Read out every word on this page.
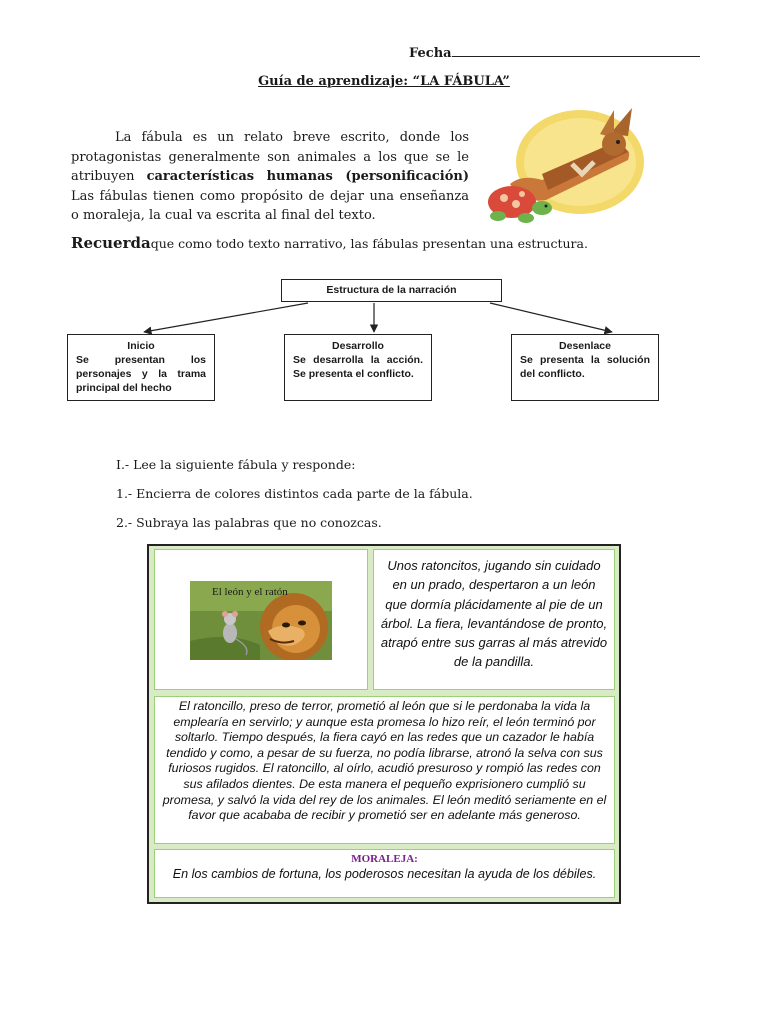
Fecha
Guía de aprendizaje: “LA FÁBULA”
La fábula es un relato breve escrito, donde los protagonistas generalmente son animales a los que se le atribuyen características humanas (personificación) Las fábulas tienen como propósito de dejar una enseñanza o moraleja, la cual va escrita al final del texto.
Recuerdaque como todo texto narrativo, las fábulas presentan una estructura.
Estructura de la narración
Inicio
Se presentan los personajes y la trama principal del hecho
Desarrollo
Se desarrolla la acción. Se presenta el conflicto.
Desenlace
Se presenta la solución del conflicto.
I.- Lee la siguiente fábula y responde:
1.- Encierra de colores distintos cada parte de la fábula.
2.- Subraya las palabras que no conozcas.
El león y el ratón
Unos ratoncitos, jugando sin cuidado en un prado, despertaron a un león que dormía plácidamente al pie de un árbol. La fiera, levantándose de pronto, atrapó entre sus garras al más atrevido de la pandilla.
El ratoncillo, preso de terror, prometió al león que si le perdonaba la vida la emplearía en servirlo; y aunque esta promesa lo hizo reír, el león terminó por soltarlo. Tiempo después, la fiera cayó en las redes que un cazador le había tendido y como, a pesar de su fuerza, no podía librarse, atronó la selva con sus furiosos rugidos. El ratoncillo, al oírlo, acudió presuroso y rompió las redes con sus afilados dientes. De esta manera el pequeño exprisionero cumplió su promesa, y salvó la vida del rey de los animales. El león meditó seriamente en el favor que acababa de recibir y prometió ser en adelante más generoso.
MORALEJA:
En los cambios de fortuna, los poderosos necesitan la ayuda de los débiles.
